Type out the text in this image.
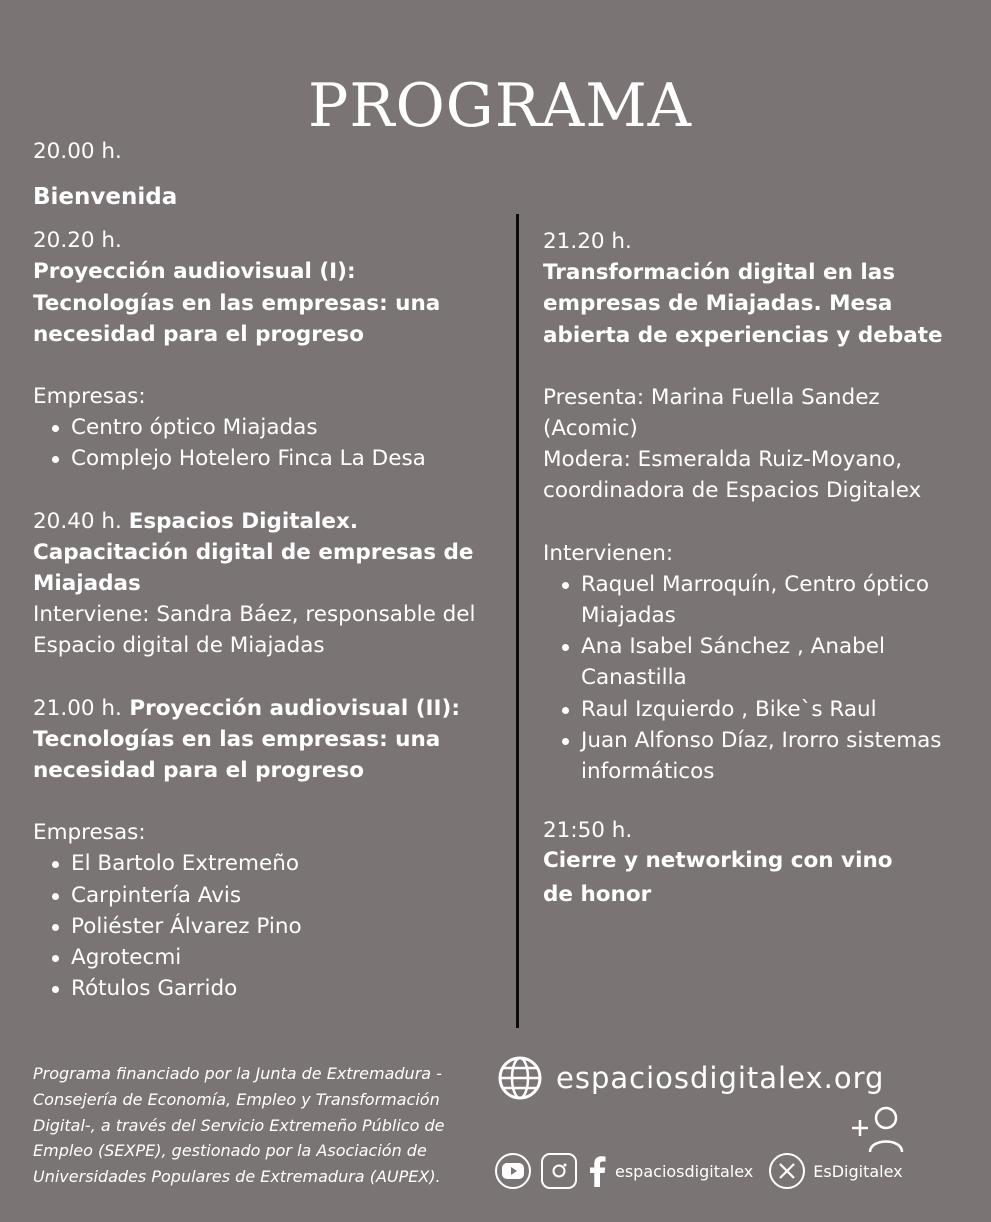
PROGRAMA

20.00 h.

Bienvenida

20.20 h.

Proyección audiovisual (I):
Tecnologías en las empresas: una necesidad para el progreso

Empresas:

Centro óptico Miajadas
Complejo Hotelero Finca La Desa

20.40 h. Espacios Digitalex. Capacitación digital de empresas de Miajadas

Interviene: Sandra Báez, responsable del Espacio digital de Miajadas

21.00 h. Proyección audiovisual (II):
Tecnologías en las empresas: una necesidad para el progreso

Empresas:

El Bartolo Extremeño
Carpintería Avis
Poliéster Álvarez Pino
Agrotecmi
Rótulos Garrido

21.20 h.

Transformación digital en las empresas de Miajadas. Mesa abierta de experiencias y debate

Presenta: Marina Fuella Sandez (Acomic)

Modera: Esmeralda Ruiz-Moyano, coordinadora de Espacios Digitalex

Intervienen:

Raquel Marroquín, Centro óptico Miajadas
Ana Isabel Sánchez , Anabel Canastilla
Raul Izquierdo , Bike`s Raul
Juan Alfonso Díaz, Irorro sistemas informáticos

21:50 h.

Cierre y networking con vino
de honor

Programa financiado por la Junta de Extremadura -Consejería de Economía, Empleo y Transformación Digital-, a través del Servicio Extremeño Público de Empleo (SEXPE), gestionado por la Asociación de Universidades Populares de Extremadura (AUPEX).

espaciosdigitalex.org
espaciosdigitalex	EsDigitalex
